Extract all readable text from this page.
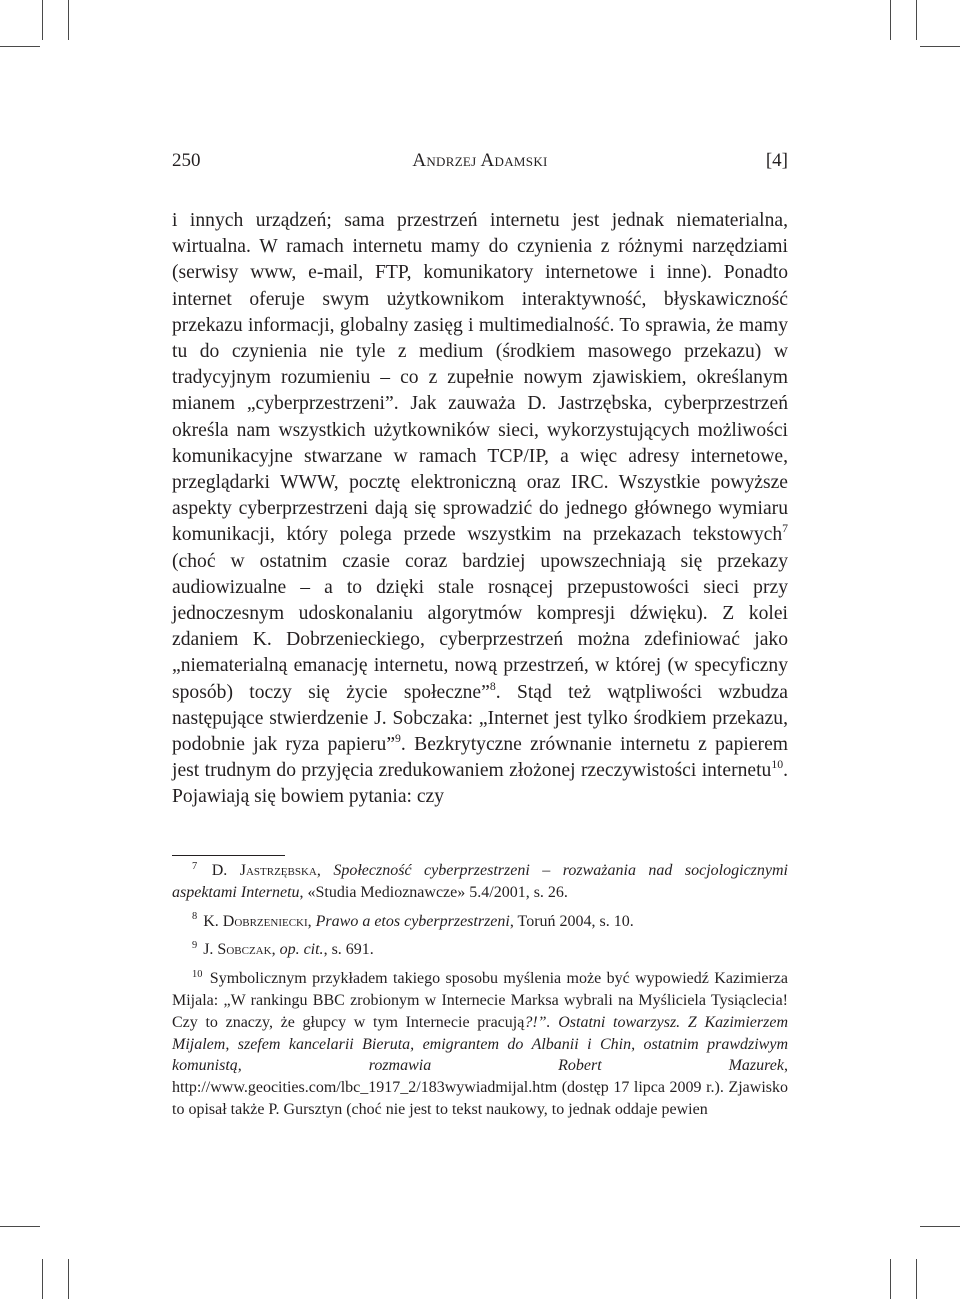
250	Andrzej Adamski	[4]

i innych urządzeń; sama przestrzeń internetu jest jednak niematerialna, wirtualna. W ramach internetu mamy do czynienia z różnymi narzędziami (serwisy www, e-mail, FTP, komunikatory internetowe i inne). Ponadto internet oferuje swym użytkownikom interaktywność, błyskawiczność przekazu informacji, globalny zasięg i multimedialność. To sprawia, że mamy tu do czynienia nie tyle z medium (środkiem masowego przekazu) w tradycyjnym rozumieniu – co z zupełnie nowym zjawiskiem, określanym mianem „cyberprzestrzeni”. Jak zauważa D. Jastrzębska, cyberprzestrzeń określa nam wszystkich użytkowników sieci, wykorzystujących możliwości komunikacyjne stwarzane w ramach TCP/IP, a więc adresy internetowe, przeglądarki WWW, pocztę elektroniczną oraz IRC. Wszystkie powyższe aspekty cyberprzestrzeni dają się sprowadzić do jednego głównego wymiaru komunikacji, który polega przede wszystkim na przekazach tekstowych$^7$ (choć w ostatnim czasie coraz bardziej upowszechniają się przekazy audiowizualne – a to dzięki stale rosnącej przepustowości sieci przy jednoczesnym udoskonalaniu algorytmów kompresji dźwięku). Z kolei zdaniem K. Dobrzenieckiego, cyberprzestrzeń można zdefiniować jako „niematerialną emanację internetu, nową przestrzeń, w której (w specyficzny sposób) toczy się życie społeczne”$^8$. Stąd też wątpliwości wzbudza następujące stwierdzenie J. Sobczaka: „Internet jest tylko środkiem przekazu, podobnie jak ryza papieru”$^9$. Bezkrytyczne zrównanie internetu z papierem jest trudnym do przyjęcia zredukowaniem złożonej rzeczywistości internetu$^{10}$. Pojawiają się bowiem pytania: czy

$^7$ D. Jastrzębska, Społeczność cyberprzestrzeni – rozważania nad socjologicznymi aspektami Internetu, «Studia Medioznawcze» 5.4/2001, s. 26.

$^8$ K. Dobrzeniecki, Prawo a etos cyberprzestrzeni, Toruń 2004, s. 10.

$^9$ J. Sobczak, op. cit., s. 691.

$^{10}$ Symbolicznym przykładem takiego sposobu myślenia może być wypowiedź Kazimierza Mijala: „W rankingu BBC zrobionym w Internecie Marksa wybrali na Myśliciela Tysiąclecia! Czy to znaczy, że głupcy w tym Internecie pracują?!”. Ostatni towarzysz. Z Kazimierzem Mijalem, szefem kancelarii Bieruta, emigrantem do Albanii i Chin, ostatnim prawdziwym komunistą, rozmawia Robert Mazurek, http://www.geocities.com/lbc_1917_2/183wywiadmijal.htm (dostęp 17 lipca 2009 r.). Zjawisko to opisał także P. Gursztyn (choć nie jest to tekst naukowy, to jednak oddaje pewien
